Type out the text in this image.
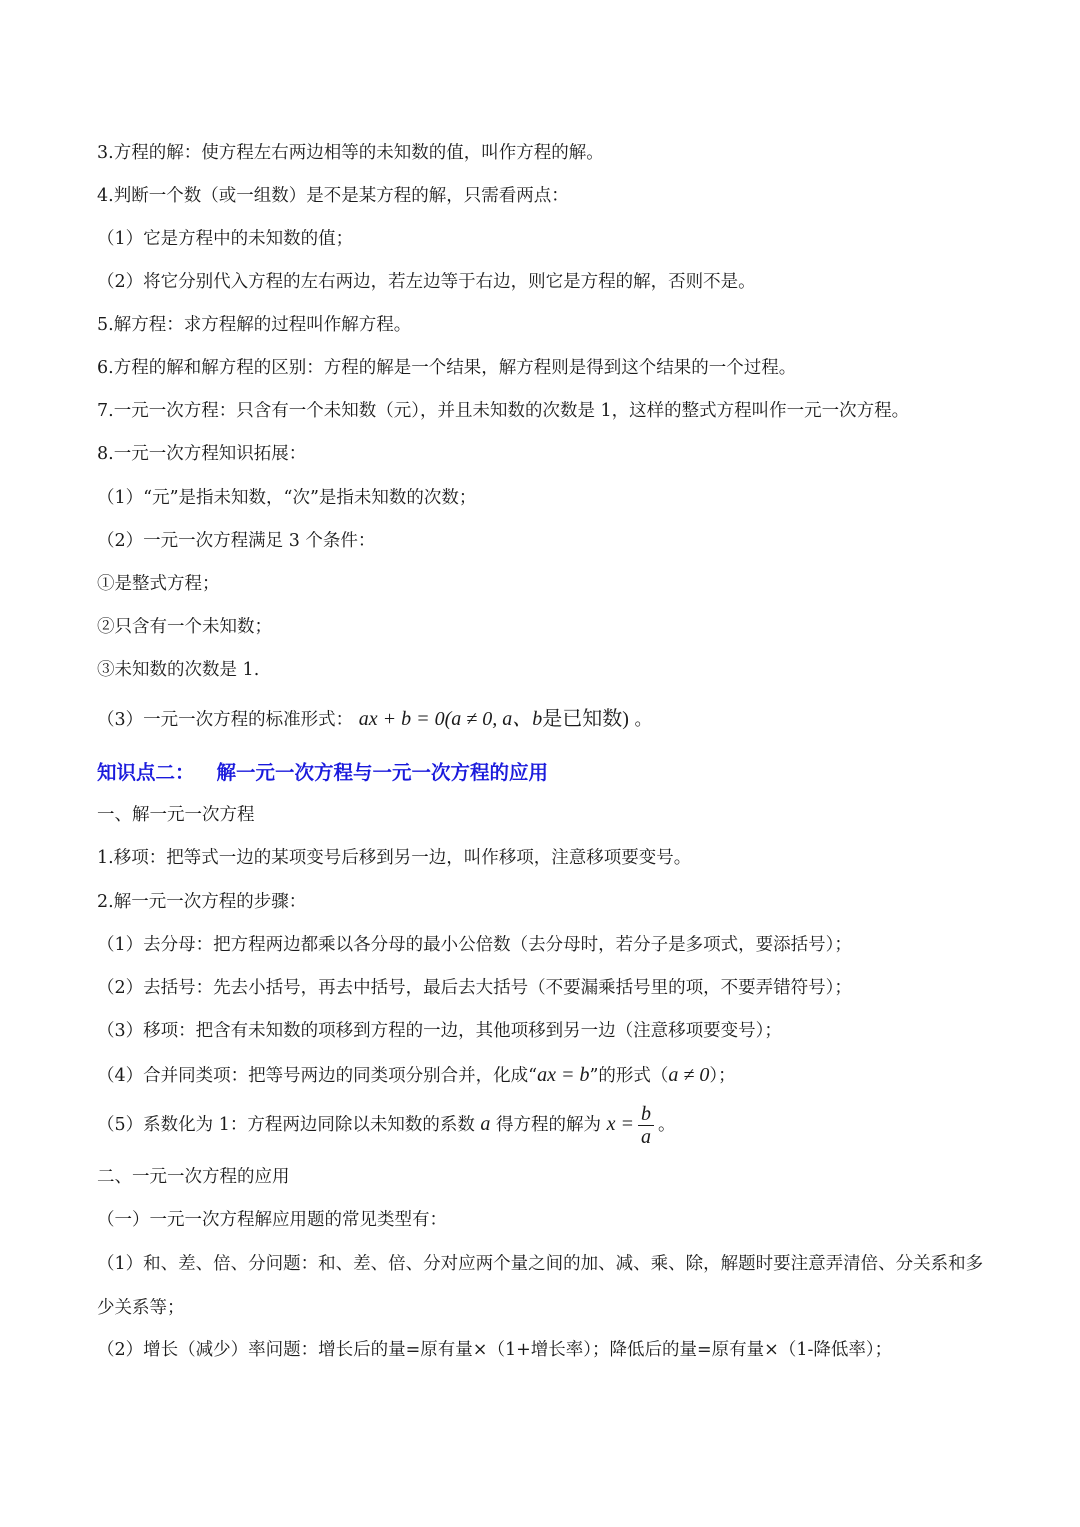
3.方程的解：使方程左右两边相等的未知数的值，叫作方程的解。
4.判断一个数（或一组数）是不是某方程的解，只需看两点：
（1）它是方程中的未知数的值；
（2）将它分别代入方程的左右两边，若左边等于右边，则它是方程的解，否则不是。
5.解方程：求方程解的过程叫作解方程。
6.方程的解和解方程的区别：方程的解是一个结果，解方程则是得到这个结果的一个过程。
7.一元一次方程：只含有一个未知数（元），并且未知数的次数是 1，这样的整式方程叫作一元一次方程。
8.一元一次方程知识拓展：
（1）“元”是指未知数，“次”是指未知数的次数；
（2）一元一次方程满足 3 个条件：
①是整式方程；
②只含有一个未知数；
③未知数的次数是 1.
（3）一元一次方程的标准形式： ax + b = 0(a ≠ 0, a、b是已知数) 。
知识点二： 解一元一次方程与一元一次方程的应用
一、解一元一次方程
1.移项：把等式一边的某项变号后移到另一边，叫作移项，注意移项要变号。
2.解一元一次方程的步骤：
（1）去分母：把方程两边都乘以各分母的最小公倍数（去分母时，若分子是多项式，要添括号）；
（2）去括号：先去小括号，再去中括号，最后去大括号（不要漏乘括号里的项，不要弄错符号）；
（3）移项：把含有未知数的项移到方程的一边，其他项移到另一边（注意移项要变号）；
（4）合并同类项：把等号两边的同类项分别合并，化成“ax = b”的形式（a ≠ 0）；
（5）系数化为 1：方程两边同除以未知数的系数 a 得方程的解为 $x = \frac{b}{a}$ 。
二、一元一次方程的应用
（一）一元一次方程解应用题的常见类型有：
（1）和、差、倍、分问题：和、差、倍、分对应两个量之间的加、减、乘、除，解题时要注意弄清倍、分关系和多少关系等；
（2）增长（减少）率问题：增长后的量=原有量×（1+增长率）；降低后的量=原有量×（1-降低率）；
